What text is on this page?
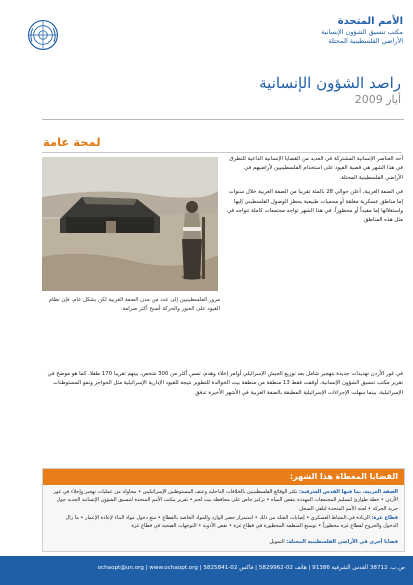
الأمم المتحدة
مكتب تنسيق الشؤون الإنسانية
الأراضي الفلسطينية المحتلة
راصد الشؤون الإنسانية
أيار 2009
لمحة عامة
مرور الفلسطينيين إلى عدد من مدن الضفة الغربية لكن بشكل عام، فإن نظام القيود على العبور والحركة أصبح أكثر صرامة.

أحد العناصر الإنسانية المشتركة في العديد من القضايا الإنسانية الداعية للتطرق في هذا الشهر هي قضية القيود على استخدام الفلسطينيين لأراضيهم في الأراضي الفلسطينية المحتلة.

في الضفة الغربية، أعلن حوالي 28 بالمئة تقريبا من الضفة الغربية خلال سنوات إما مناطق عسكرية مغلقة أو محميات طبيعية يحظر الوصول الفلسطيني إليها واستغلالها إما مقيداً أو محظوراً. في هذا الشهر تواجه مجتمعات كاملة تتواجد في مثل هذه المناطق

في غور الأردن تهديدات جديدة بتهجير شامل بعد توزيع الجيش الإسرائيلي أوامر إخلاء وهدم، تمس أكثر من 300 شخص، بينهم تقريبا 170 طفلا. كما هو موضح في تقرير مكتب تنسيق الشؤون الإنسانية، أوقفت فقط 13 منطقة من منطقة بيت الخوالدة للتطوير نتيجة للقيود الإدارية الإسرائيلية مثل الحواجز ونمو المستوطنات الإسرائيلية، بينما سهلت الإجراءات الإسرائيلية المطبقة بالضفة الغربية في الأشهر الأخيرة تدفق
القضايا المغطاة هذا الشهر:
الضفة الغربية، بما فيها القدس الشرقية: تكثر الوقائع الفلسطينيين بالخلافات الداخلية وعنف المستوطنين الإسرائيليين • محاولة من عمليات تهجير وإخلاء في غور الأردن • خطة طوارئ لتسليم المجتمعات المهددة بنقص المياه • تركيز خاص على محافظة بيت لحم • تقرير مكتب الأمم المتحدة لتنسيق الشؤون الإنسانية الجديد حول حرية الحركة • لجنة الأمم المتحدة لتلقي السجل
قطاع غزة: الزيادة في النشاط العسكري • إصابات القتلة من ذلك • استمرار حصر الوارد والمواد الخاصة بالقطاع • منع دخول مواد البناء لإعادة الإعمار • ما زال الدخول والخروج لقطاع غزة محظوراً • توسيع المنطقة المحظورة في قطاع غزة • نقص الأدوية • التوجهات الصحية في قطاع غزة
قضايا أخرى في الأراضي الفلسطينية المحتلة: التمويل
ص.ب. 38712 القدس الشرقية 91386 | هاتف 02-5829962 | فاكس 02-5825841 | ochaopt@un.org | www.ochaopt.org
